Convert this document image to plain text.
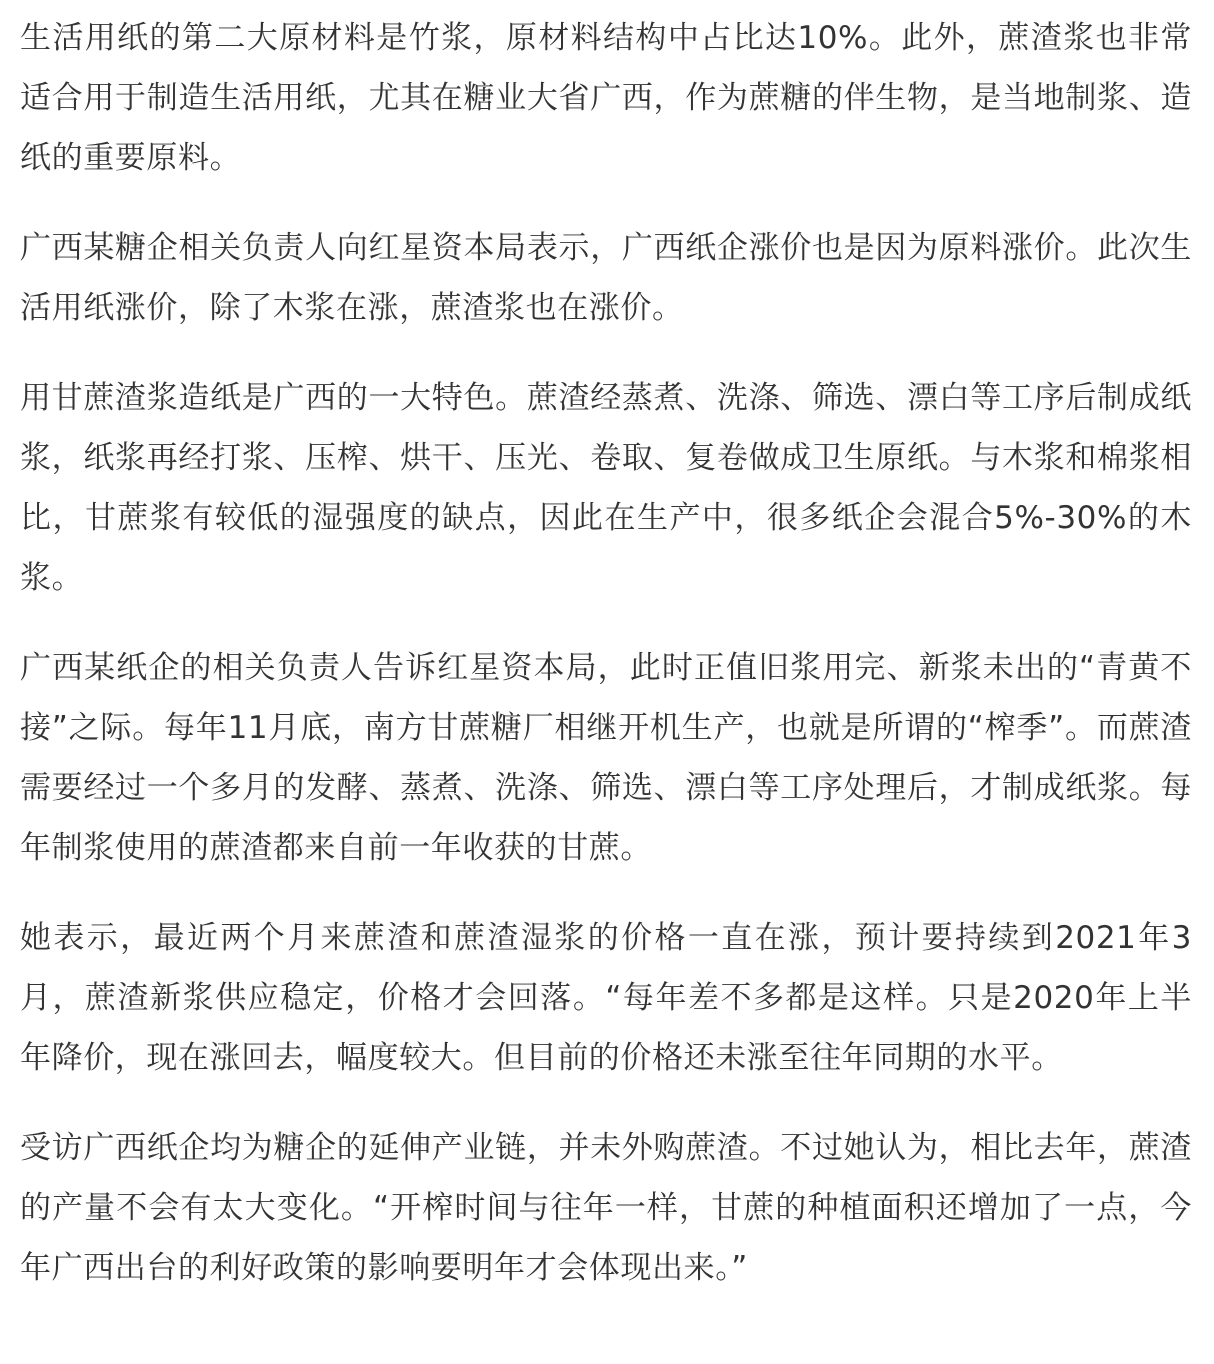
生活用纸的第二大原材料是竹浆，原材料结构中占比达10%。此外，蔗渣浆也非常适合用于制造生活用纸，尤其在糖业大省广西，作为蔗糖的伴生物，是当地制浆、造纸的重要原料。

广西某糖企相关负责人向红星资本局表示，广西纸企涨价也是因为原料涨价。此次生活用纸涨价，除了木浆在涨，蔗渣浆也在涨价。

用甘蔗渣浆造纸是广西的一大特色。蔗渣经蒸煮、洗涤、筛选、漂白等工序后制成纸浆，纸浆再经打浆、压榨、烘干、压光、卷取、复卷做成卫生原纸。与木浆和棉浆相比，甘蔗浆有较低的湿强度的缺点，因此在生产中，很多纸企会混合5%-30%的木浆。

广西某纸企的相关负责人告诉红星资本局，此时正值旧浆用完、新浆未出的“青黄不接”之际。每年11月底，南方甘蔗糖厂相继开机生产，也就是所谓的“榨季”。而蔗渣需要经过一个多月的发酵、蒸煮、洗涤、筛选、漂白等工序处理后，才制成纸浆。每年制浆使用的蔗渣都来自前一年收获的甘蔗。

她表示，最近两个月来蔗渣和蔗渣湿浆的价格一直在涨，预计要持续到2021年3月，蔗渣新浆供应稳定，价格才会回落。“每年差不多都是这样。只是2020年上半年降价，现在涨回去，幅度较大。但目前的价格还未涨至往年同期的水平。

受访广西纸企均为糖企的延伸产业链，并未外购蔗渣。不过她认为，相比去年，蔗渣的产量不会有太大变化。“开榨时间与往年一样，甘蔗的种植面积还增加了一点，今年广西出台的利好政策的影响要明年才会体现出来。”
